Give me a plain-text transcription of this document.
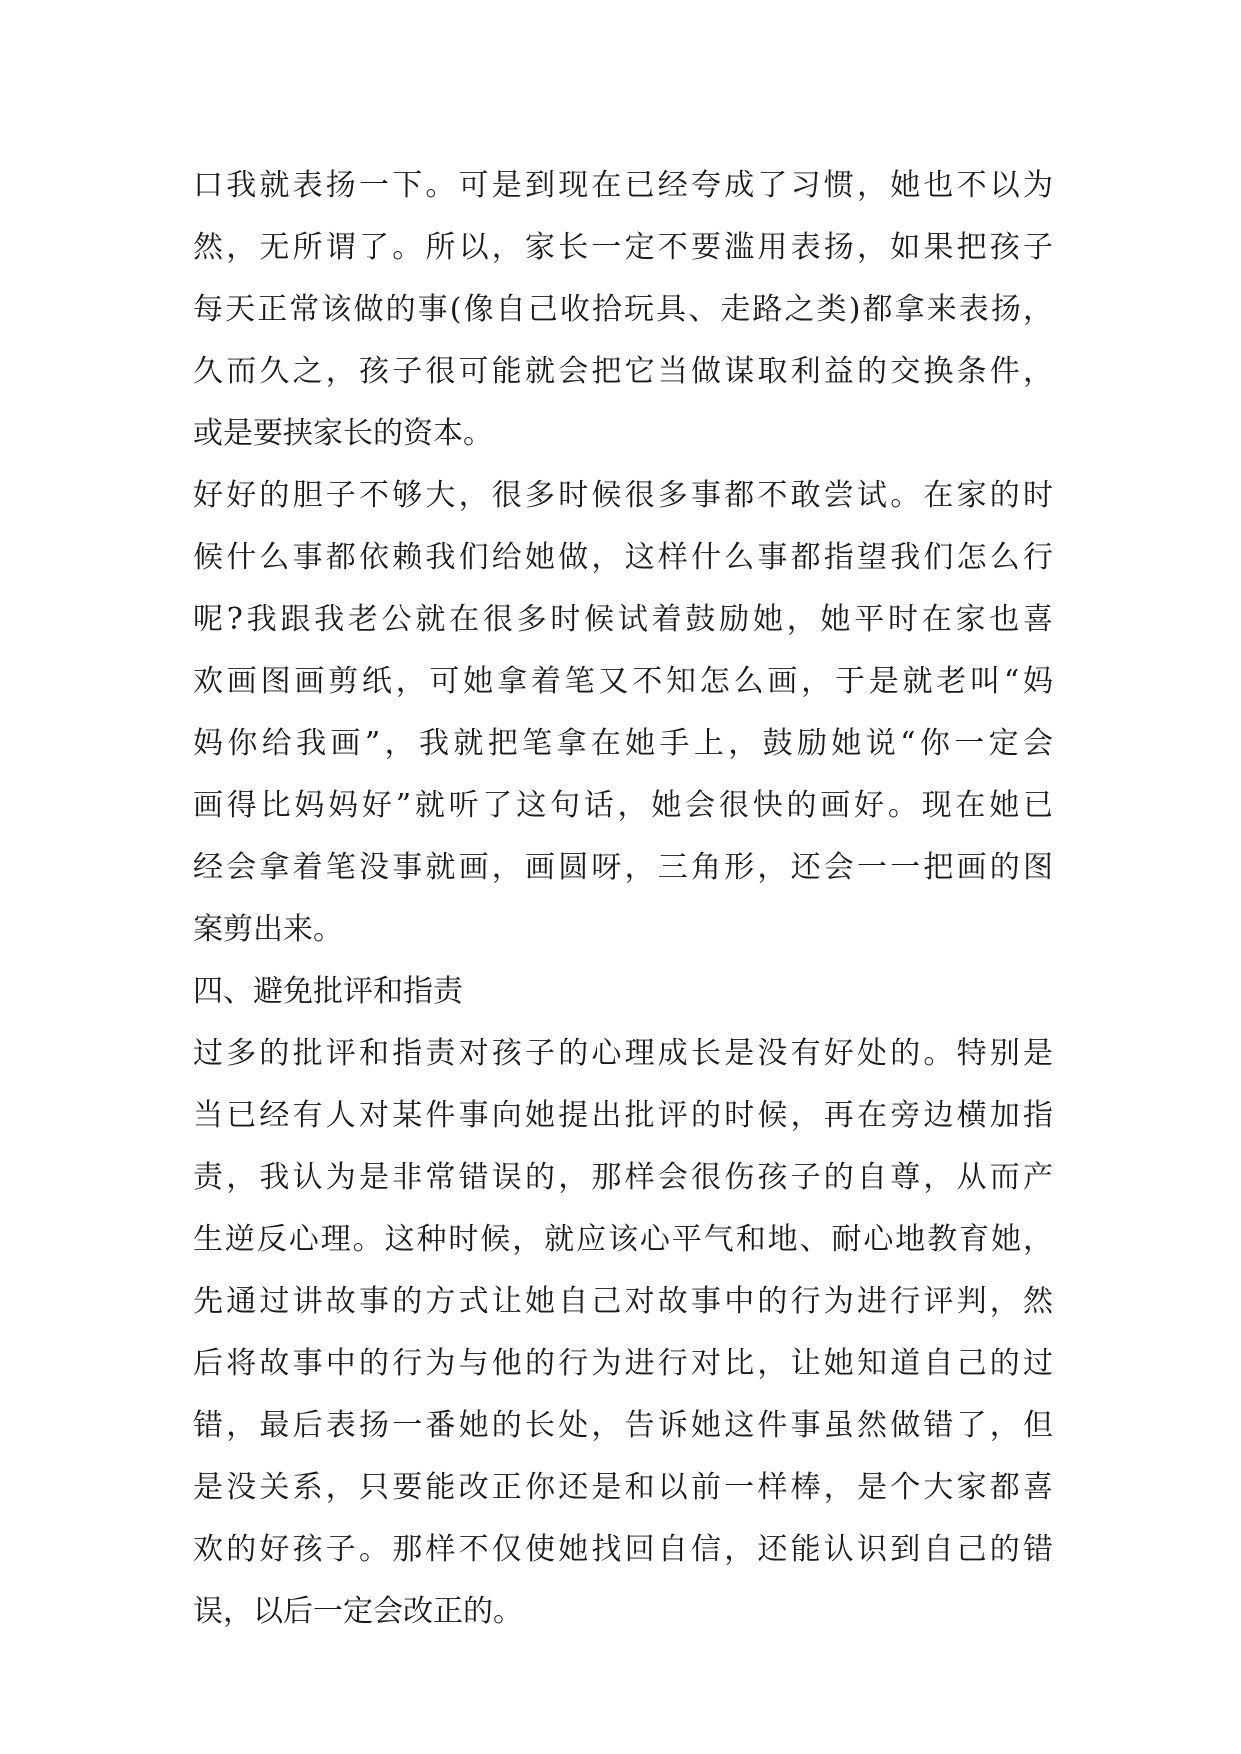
口我就表扬一下。可是到现在已经夸成了习惯，她也不以为
然，无所谓了。所以，家长一定不要滥用表扬，如果把孩子
每天正常该做的事(像自己收拾玩具、走路之类)都拿来表扬，
久而久之，孩子很可能就会把它当做谋取利益的交换条件，
或是要挟家长的资本。
好好的胆子不够大，很多时候很多事都不敢尝试。在家的时
候什么事都依赖我们给她做，这样什么事都指望我们怎么行
呢?我跟我老公就在很多时候试着鼓励她，她平时在家也喜
欢画图画剪纸，可她拿着笔又不知怎么画，于是就老叫“妈
妈你给我画”，我就把笔拿在她手上，鼓励她说“你一定会
画得比妈妈好”就听了这句话，她会很快的画好。现在她已
经会拿着笔没事就画，画圆呀，三角形，还会一一把画的图
案剪出来。
四、避免批评和指责
过多的批评和指责对孩子的心理成长是没有好处的。特别是
当已经有人对某件事向她提出批评的时候，再在旁边横加指
责，我认为是非常错误的，那样会很伤孩子的自尊，从而产
生逆反心理。这种时候，就应该心平气和地、耐心地教育她，
先通过讲故事的方式让她自己对故事中的行为进行评判，然
后将故事中的行为与他的行为进行对比，让她知道自己的过
错，最后表扬一番她的长处，告诉她这件事虽然做错了，但
是没关系，只要能改正你还是和以前一样棒，是个大家都喜
欢的好孩子。那样不仅使她找回自信，还能认识到自己的错
误，以后一定会改正的。
